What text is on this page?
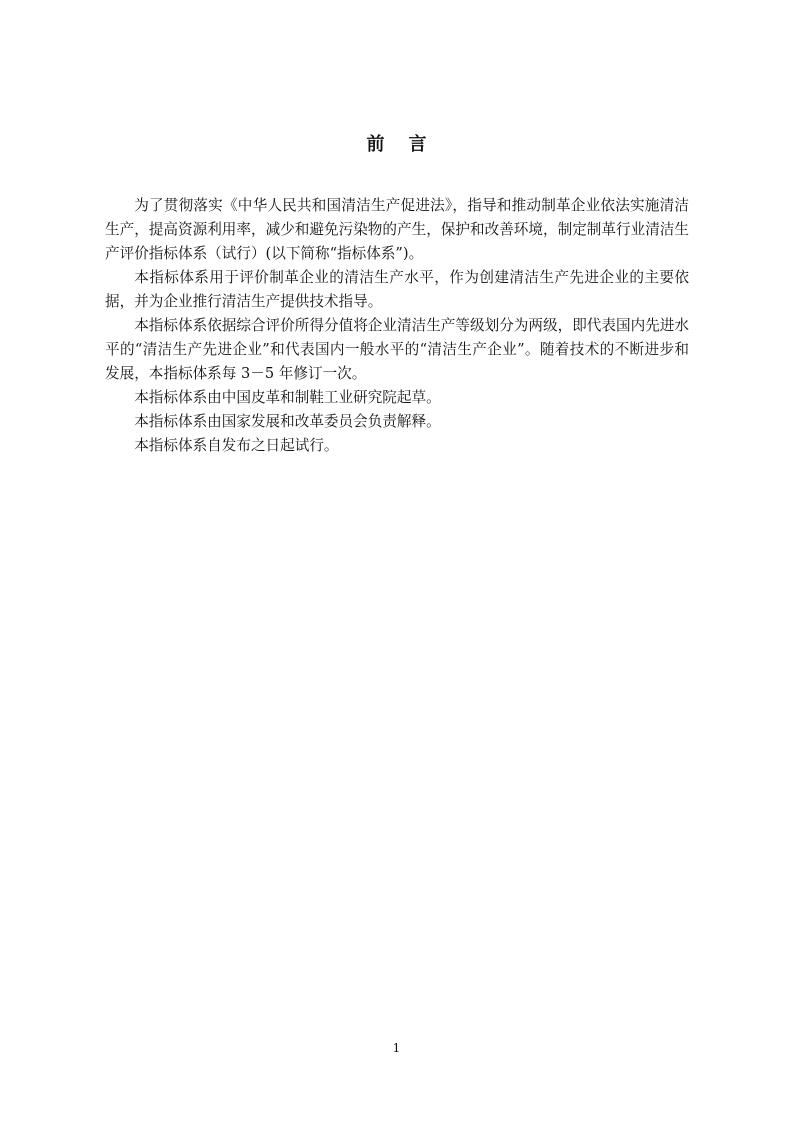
前言

为了贯彻落实《中华人民共和国清洁生产促进法》，指导和推动制革企业依法实施清洁生产，提高资源利用率，减少和避免污染物的产生，保护和改善环境，制定制革行业清洁生产评价指标体系（试行）(以下简称“指标体系”)。

本指标体系用于评价制革企业的清洁生产水平，作为创建清洁生产先进企业的主要依据，并为企业推行清洁生产提供技术指导。

本指标体系依据综合评价所得分值将企业清洁生产等级划分为两级，即代表国内先进水平的“清洁生产先进企业”和代表国内一般水平的“清洁生产企业”。随着技术的不断进步和发展，本指标体系每 3－5 年修订一次。

本指标体系由中国皮革和制鞋工业研究院起草。

本指标体系由国家发展和改革委员会负责解释。

本指标体系自发布之日起试行。

1
